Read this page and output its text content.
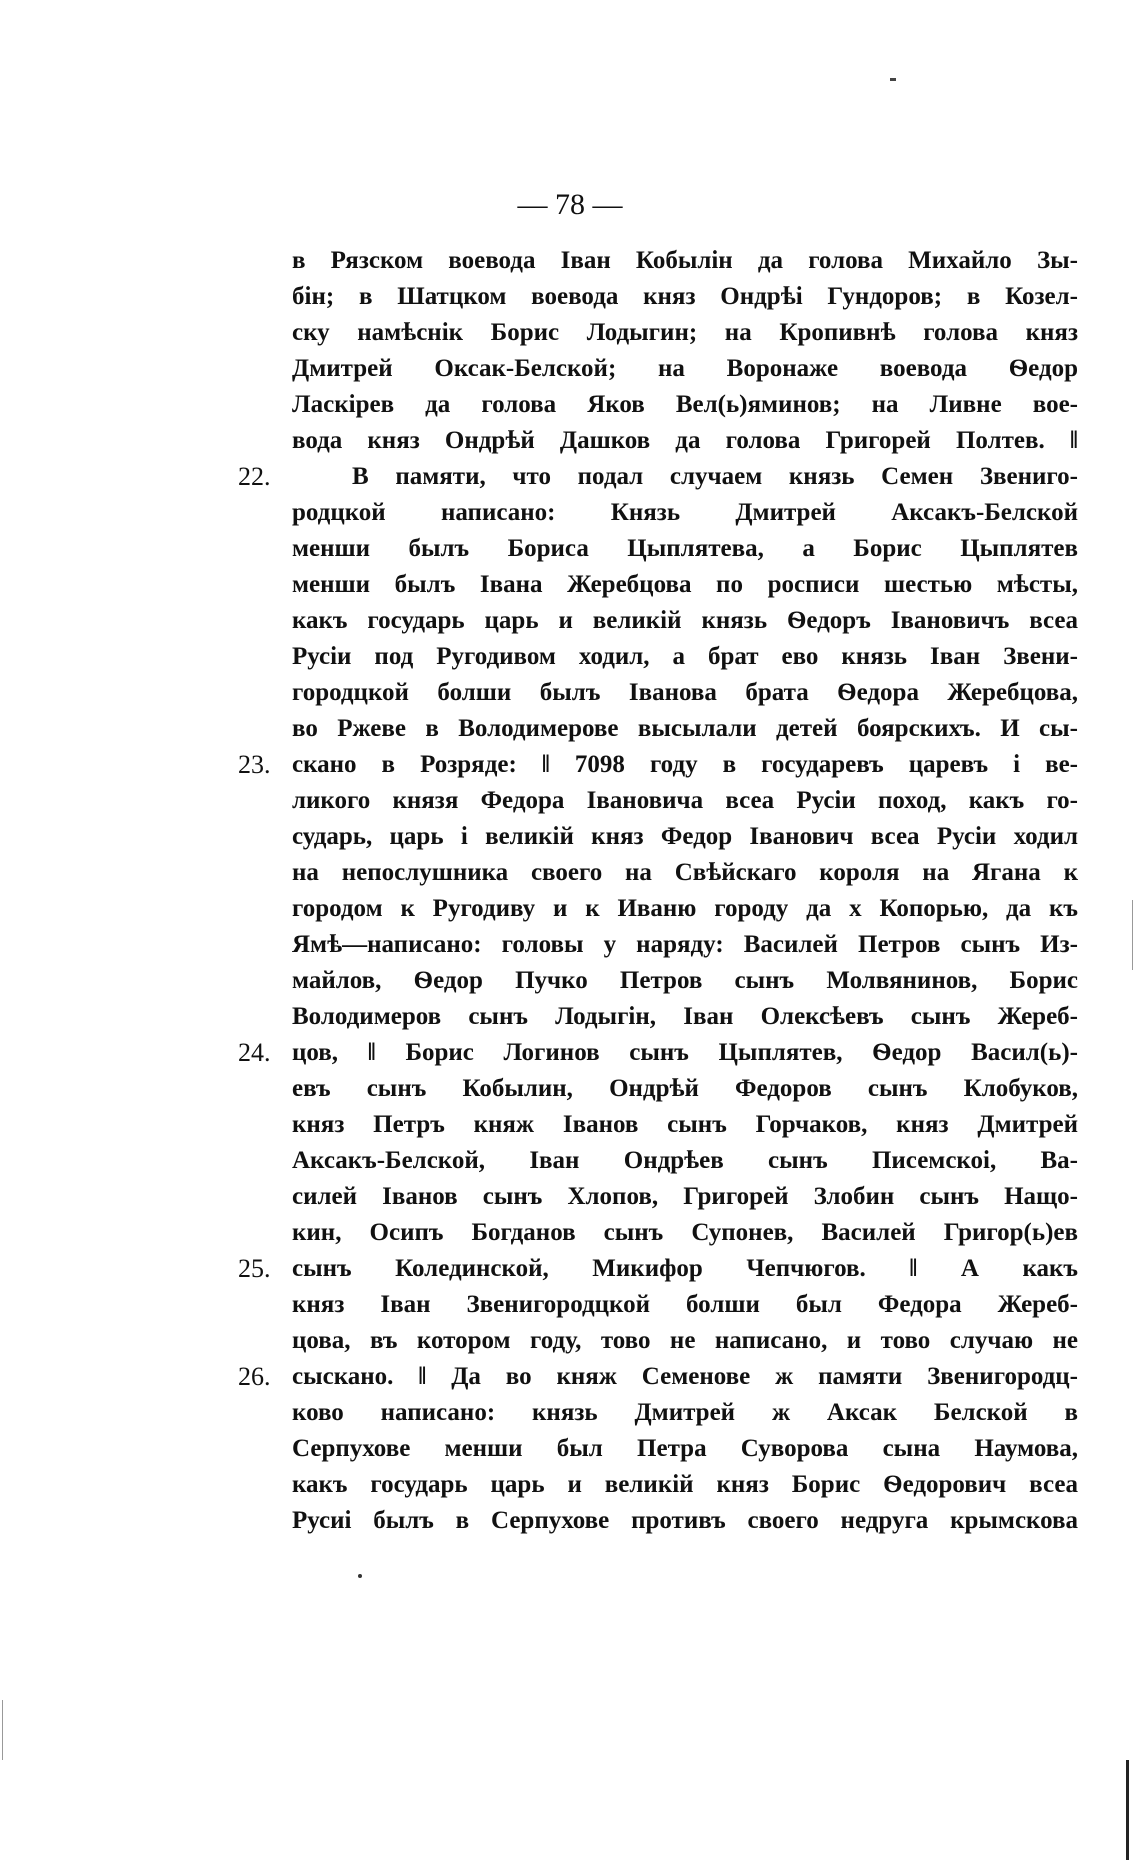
— 78 —
в Рязском воевода Іван Кобылін да голова Михайло Зы-
бін; в Шатцком воевода княз Ондрѣі Гундоров; в Козел-
ску намѣснік Борис Лодыгин; на Кропивнѣ голова княз
Дмитрей Оксак-Белской; на Воронаже воевода Ѳедор
Ласкірев да голова Яков Вел(ь)яминов; на Ливне вое-
вода княз Ондрѣй Дашков да голова Григорей Полтев. ‖
22.	В памяти, что подал случаем князь Семен Звениго-
родцкой написано: Князь Дмитрей Аксакъ-Белской
менши былъ Бориса Цыплятева, а Борис Цыплятев
менши былъ Івана Жеребцова по росписи шестью мѣсты,
какъ государь царь и великій князь Ѳедоръ Івановичъ всеа
Русіи под Ругодивом ходил, а брат ево князь Іван Звени-
городцкой болши былъ Іванова брата Ѳедора Жеребцова,
во Ржеве в Володимерове высылали детей боярскихъ. И сы-
23. скано в Розряде: ‖ 7098 году в государевъ царевъ і ве-
ликого князя Федора Івановича всеа Русіи поход, какъ го-
сударь, царь і великій княз Федор Іванович всеа Русіи ходил
на непослушника своего на Свѣйскаго короля на Ягана к
городом к Ругодиву и к Иваню городу да х Копорью, да къ
Ямѣ—написано: головы у наряду: Василей Петров сынъ Из-
майлов, Ѳедор Пучко Петров сынъ Молвянинов, Борис
Володимеров сынъ Лодыгін, Іван Олексѣевъ сынъ Жереб-
24. цов, ‖ Борис Логинов сынъ Цыплятев, Ѳедор Васил(ь)-
евъ сынъ Кобылин, Ондрѣй Федоров сынъ Клобуков,
княз Петръ княж Іванов сынъ Горчаков, княз Дмитрей
Аксакъ-Белской, Іван Ондрѣев сынъ Писемскоі, Ва-
силей Іванов сынъ Хлопов, Григорей Злобин сынъ Нащо-
кин, Осипъ Богданов сынъ Супонев, Василей Григор(ь)ев
25. сынъ Колединской, Микифор Чепчюгов. ‖ А какъ
княз Іван Звенигородцкой болши был Федора Жереб-
цова, въ котором году, тово не написано, и тово случаю не
26. сыскано. ‖ Да во княж Семенове ж памяти Звенигородц-
ково написано: князь Дмитрей ж Аксак Белской в
Серпухове менши был Петра Суворова сына Наумова,
какъ государь царь и великій княз Борис Ѳедорович всеа
Русиі былъ в Серпухове противъ своего недруга крымскова
